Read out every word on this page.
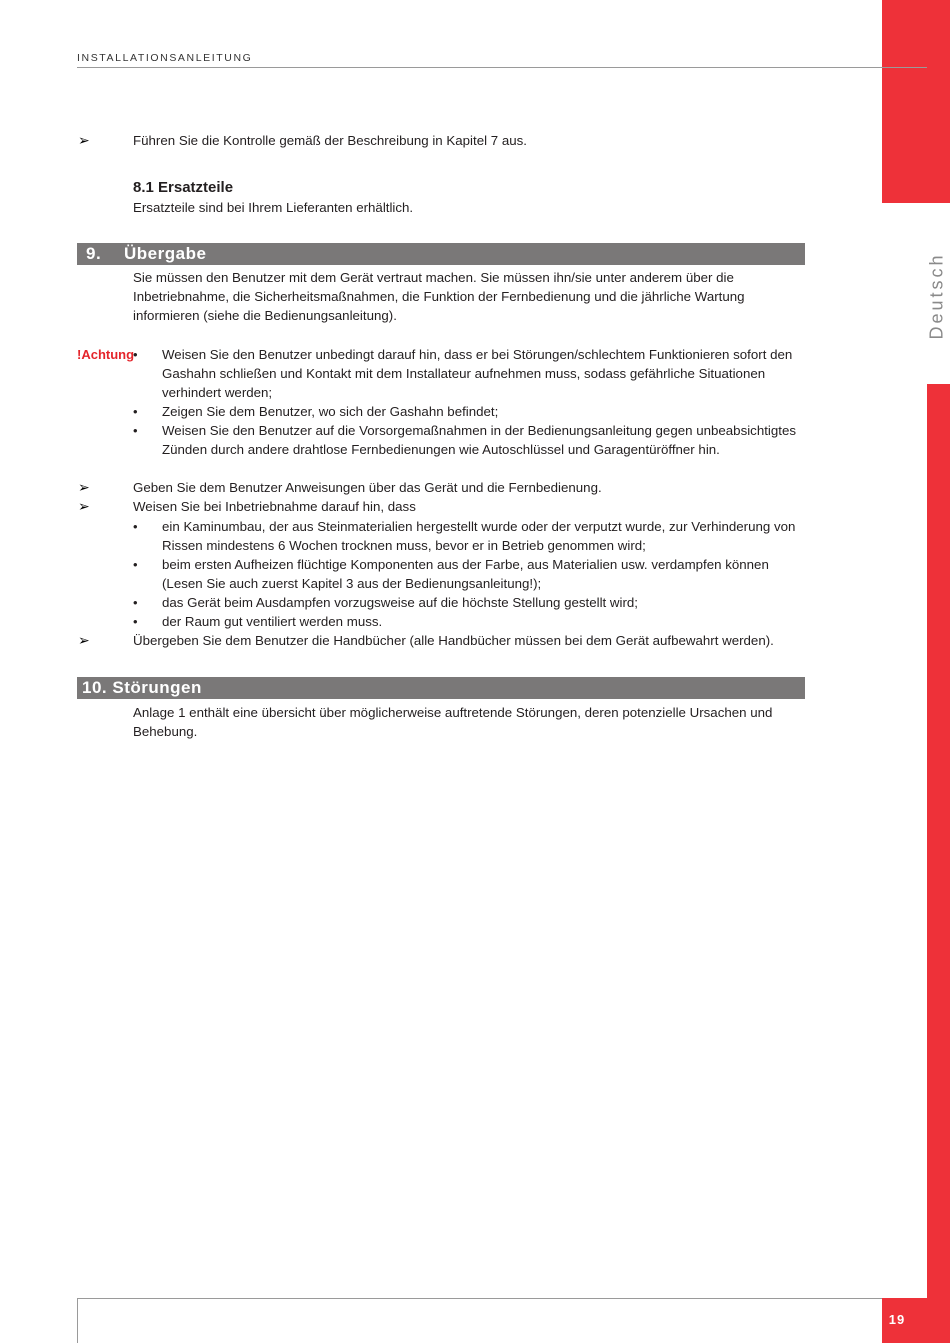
Deutsch
INSTALLATIONSANLEITUNG
➢	Führen Sie die Kontrolle gemäß der Beschreibung in Kapitel 7 aus.
8.1 Ersatzteile
Ersatzteile sind bei Ihrem Lieferanten erhältlich.
9. Übergabe
Sie müssen den Benutzer mit dem Gerät vertraut machen. Sie müssen ihn/sie unter anderem über die
Inbetriebnahme, die Sicherheitsmaßnahmen, die Funktion der Fernbedienung und die jährliche Wartung
informieren (siehe die Bedienungsanleitung).
!Achtung
• Weisen Sie den Benutzer unbedingt darauf hin, dass er bei Störungen/schlechtem Funktionieren sofort den
Gashahn schließen und Kontakt mit dem Installateur aufnehmen muss, sodass gefährliche Situationen
verhindert werden;
• Zeigen Sie dem Benutzer, wo sich der Gashahn befindet;
• Weisen Sie den Benutzer auf die Vorsorgemaßnahmen in der Bedienungsanleitung gegen unbeabsichtigtes
Zünden durch andere drahtlose Fernbedienungen wie Autoschlüssel und Garagentüröffner hin.
➢	Geben Sie dem Benutzer Anweisungen über das Gerät und die Fernbedienung.
➢	Weisen Sie bei Inbetriebnahme darauf hin, dass
• ein Kaminumbau, der aus Steinmaterialien hergestellt wurde oder der verputzt wurde, zur Verhinderung von
Rissen mindestens 6 Wochen trocknen muss, bevor er in Betrieb genommen wird;
• beim ersten Aufheizen flüchtige Komponenten aus der Farbe, aus Materialien usw. verdampfen können
(Lesen Sie auch zuerst Kapitel 3 aus der Bedienungsanleitung!);
• das Gerät beim Ausdampfen vorzugsweise auf die höchste Stellung gestellt wird;
• der Raum gut ventiliert werden muss.
➢	Übergeben Sie dem Benutzer die Handbücher (alle Handbücher müssen bei dem Gerät aufbewahrt werden).
10. Störungen
Anlage 1 enthält eine übersicht über möglicherweise auftretende Störungen, deren potenzielle Ursachen und
Behebung.
19
